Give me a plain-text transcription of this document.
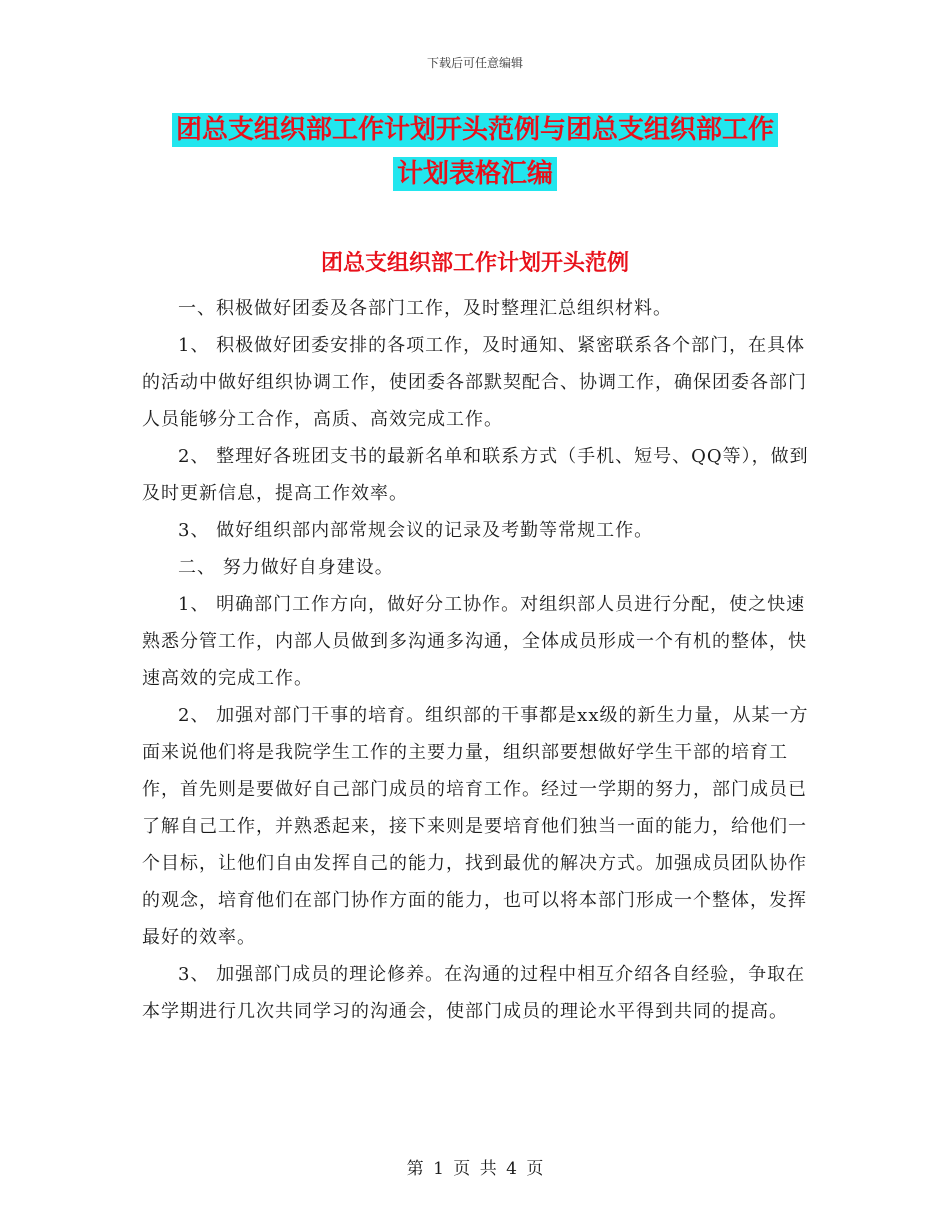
下载后可任意编辑
团总支组织部工作计划开头范例与团总支组织部工作
计划表格汇编
团总支组织部工作计划开头范例

一、积极做好团委及各部门工作，及时整理汇总组织材料。

1、 积极做好团委安排的各项工作，及时通知、紧密联系各个部门，在具体的活动中做好组织协调工作，使团委各部默契配合、协调工作，确保团委各部门人员能够分工合作，高质、高效完成工作。

2、 整理好各班团支书的最新名单和联系方式（手机、短号、QQ等），做到及时更新信息，提高工作效率。

3、 做好组织部内部常规会议的记录及考勤等常规工作。

二、 努力做好自身建设。

1、 明确部门工作方向，做好分工协作。对组织部人员进行分配，使之快速熟悉分管工作，内部人员做到多沟通多沟通，全体成员形成一个有机的整体，快速高效的完成工作。

2、 加强对部门干事的培育。组织部的干事都是xx级的新生力量，从某一方面来说他们将是我院学生工作的主要力量，组织部要想做好学生干部的培育工作，首先则是要做好自己部门成员的培育工作。经过一学期的努力，部门成员已了解自己工作，并熟悉起来，接下来则是要培育他们独当一面的能力，给他们一个目标，让他们自由发挥自己的能力，找到最优的解决方式。加强成员团队协作的观念，培育他们在部门协作方面的能力，也可以将本部门形成一个整体，发挥最好的效率。

3、 加强部门成员的理论修养。在沟通的过程中相互介绍各自经验，争取在本学期进行几次共同学习的沟通会，使部门成员的理论水平得到共同的提高。

第 1 页 共 4 页
